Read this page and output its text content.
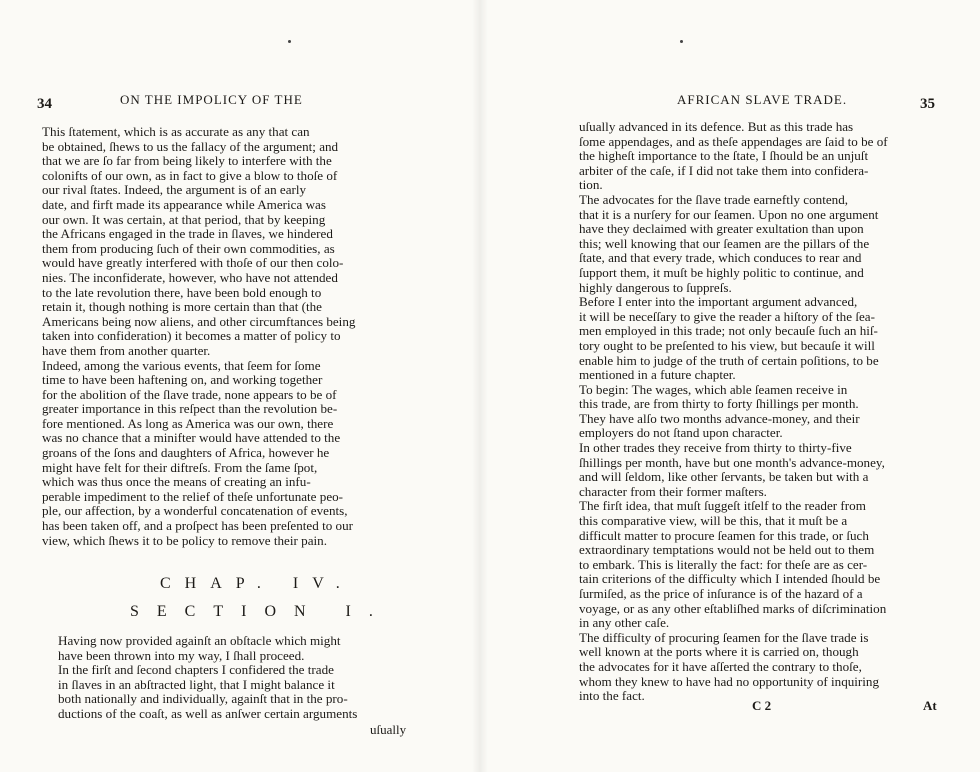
34	ON THE IMPOLICY OF THE
This ſtatement, which is as accurate as any that can
be obtained, ſhews to us the fallacy of the argument; and
that we are ſo far from being likely to interfere with the
colonifts of our own, as in fact to give a blow to thoſe of
our rival ſtates. Indeed, the argument is of an early
date, and firft made its appearance while America was
our own. It was certain, at that period, that by keeping
the Africans engaged in the trade in ſlaves, we hindered
them from producing ſuch of their own commodities, as
would have greatly interfered with thoſe of our then colo-
nies. The inconfiderate, however, who have not attended
to the late revolution there, have been bold enough to
retain it, though nothing is more certain than that (the
Americans being now aliens, and other circumftances being
taken into confideration) it becomes a matter of policy to
have them from another quarter.
Indeed, among the various events, that ſeem for ſome
time to have been haftening on, and working together
for the abolition of the ſlave trade, none appears to be of
greater importance in this reſpect than the revolution be-
fore mentioned. As long as America was our own, there
was no chance that a minifter would have attended to the
groans of the ſons and daughters of Africa, however he
might have felt for their diftreſs. From the ſame ſpot,
which was thus once the means of creating an infu-
perable impediment to the relief of theſe unfortunate peo-
ple, our affection, by a wonderful concatenation of events,
has been taken off, and a proſpect has been preſented to our
view, which ſhews it to be policy to remove their pain.
CHAP. IV.
SECTION I.
Having now provided againſt an obſtacle which might
have been thrown into my way, I ſhall proceed.
In the firſt and ſecond chapters I confidered the trade
in ſlaves in an abſtracted light, that I might balance it
both nationally and individually, againſt that in the pro-
ductions of the coaſt, as well as anſwer certain arguments
uſually
AFRICAN SLAVE TRADE.	35
uſually advanced in its defence. But as this trade has
ſome appendages, and as theſe appendages are ſaid to be of
the higheſt importance to the ſtate, I ſhould be an unjuſt
arbiter of the caſe, if I did not take them into confidera-
tion.
The advocates for the ſlave trade earneftly contend,
that it is a nurſery for our ſeamen. Upon no one argument
have they declaimed with greater exultation than upon
this; well knowing that our ſeamen are the pillars of the
ſtate, and that every trade, which conduces to rear and
ſupport them, it muſt be highly politic to continue, and
highly dangerous to ſuppreſs.
Before I enter into the important argument advanced,
it will be neceſſary to give the reader a hiſtory of the ſea-
men employed in this trade; not only becauſe ſuch an hiſ-
tory ought to be preſented to his view, but becauſe it will
enable him to judge of the truth of certain poſitions, to be
mentioned in a future chapter.
To begin: The wages, which able ſeamen receive in
this trade, are from thirty to forty ſhillings per month.
They have alſo two months advance-money, and their
employers do not ſtand upon character.
In other trades they receive from thirty to thirty-five
ſhillings per month, have but one month's advance-money,
and will ſeldom, like other ſervants, be taken but with a
character from their former maſters.
The firſt idea, that muſt ſuggeſt itſelf to the reader from
this comparative view, will be this, that it muſt be a
difficult matter to procure ſeamen for this trade, or ſuch
extraordinary temptations would not be held out to them
to embark. This is literally the fact: for theſe are as cer-
tain criterions of the difficulty which I intended ſhould be
ſurmiſed, as the price of inſurance is of the hazard of a
voyage, or as any other eſtabliſhed marks of diſcrimination
in any other caſe.
The difficulty of procuring ſeamen for the ſlave trade is
well known at the ports where it is carried on, though
the advocates for it have aſſerted the contrary to thoſe,
whom they knew to have had no opportunity of inquiring
into the fact.
C 2	At
